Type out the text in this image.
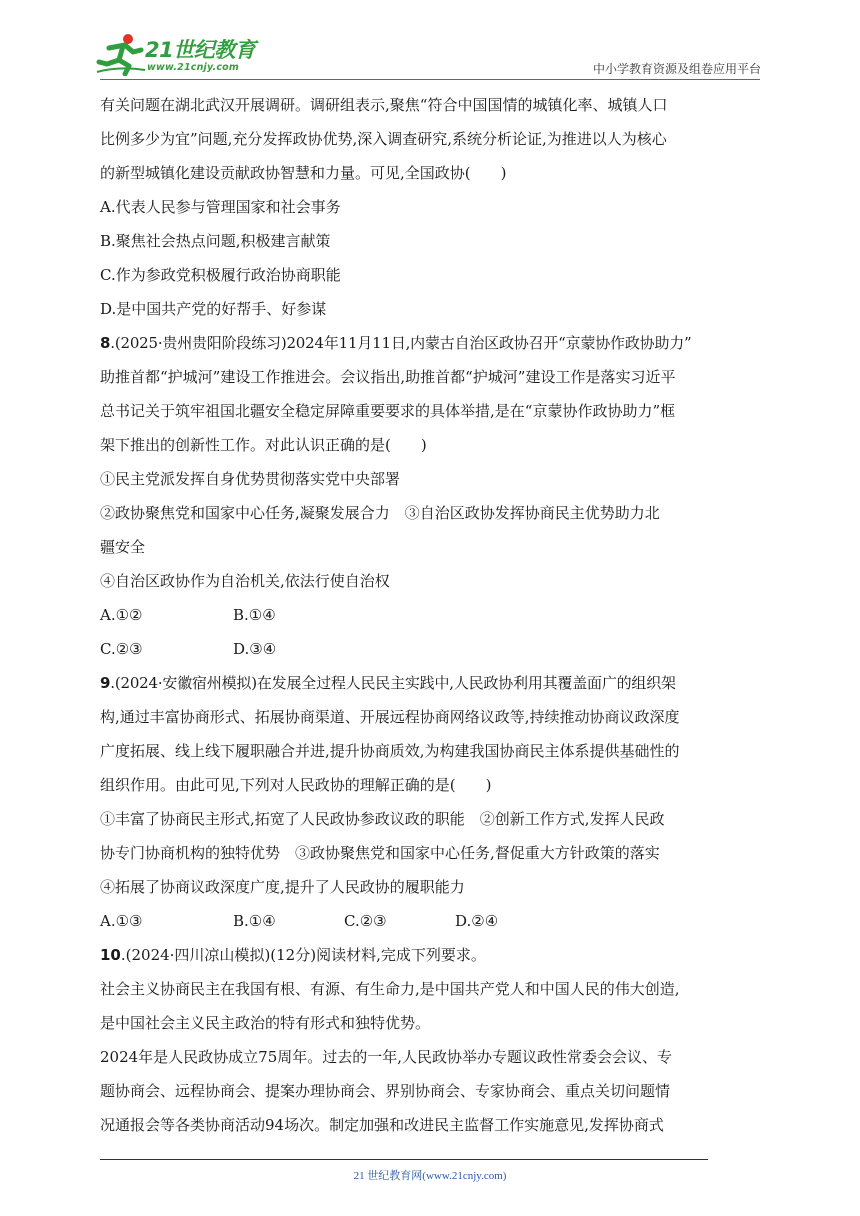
21世纪教育
www.21cnjy.com	中小学教育资源及组卷应用平台
有关问题在湖北武汉开展调研。调研组表示,聚焦“符合中国国情的城镇化率、城镇人口
比例多少为宜”问题,充分发挥政协优势,深入调查研究,系统分析论证,为推进以人为核心
的新型城镇化建设贡献政协智慧和力量。可见,全国政协(　　)
A.代表人民参与管理国家和社会事务
B.聚焦社会热点问题,积极建言献策
C.作为参政党积极履行政治协商职能
D.是中国共产党的好帮手、好参谋
8.(2025·贵州贵阳阶段练习)2024年11月11日,内蒙古自治区政协召开“京蒙协作政协助力”
助推首都“护城河”建设工作推进会。会议指出,助推首都“护城河”建设工作是落实习近平
总书记关于筑牢祖国北疆安全稳定屏障重要要求的具体举措,是在“京蒙协作政协助力”框
架下推出的创新性工作。对此认识正确的是(　　)
①民主党派发挥自身优势贯彻落实党中央部署
②政协聚焦党和国家中心任务,凝聚发展合力　③自治区政协发挥协商民主优势助力北
疆安全
④自治区政协作为自治机关,依法行使自治权
A.①②	B.①④
C.②③	D.③④
9.(2024·安徽宿州模拟)在发展全过程人民民主实践中,人民政协利用其覆盖面广的组织架
构,通过丰富协商形式、拓展协商渠道、开展远程协商网络议政等,持续推动协商议政深度
广度拓展、线上线下履职融合并进,提升协商质效,为构建我国协商民主体系提供基础性的
组织作用。由此可见,下列对人民政协的理解正确的是(　　)
①丰富了协商民主形式,拓宽了人民政协参政议政的职能　②创新工作方式,发挥人民政
协专门协商机构的独特优势　③政协聚焦党和国家中心任务,督促重大方针政策的落实
④拓展了协商议政深度广度,提升了人民政协的履职能力
A.①③	B.①④	C.②③	D.②④
10.(2024·四川凉山模拟)(12分)阅读材料,完成下列要求。
社会主义协商民主在我国有根、有源、有生命力,是中国共产党人和中国人民的伟大创造,
是中国社会主义民主政治的特有形式和独特优势。
2024年是人民政协成立75周年。过去的一年,人民政协举办专题议政性常委会会议、专
题协商会、远程协商会、提案办理协商会、界别协商会、专家协商会、重点关切问题情
况通报会等各类协商活动94场次。制定加强和改进民主监督工作实施意见,发挥协商式
21 世纪教育网(www.21cnjy.com)
